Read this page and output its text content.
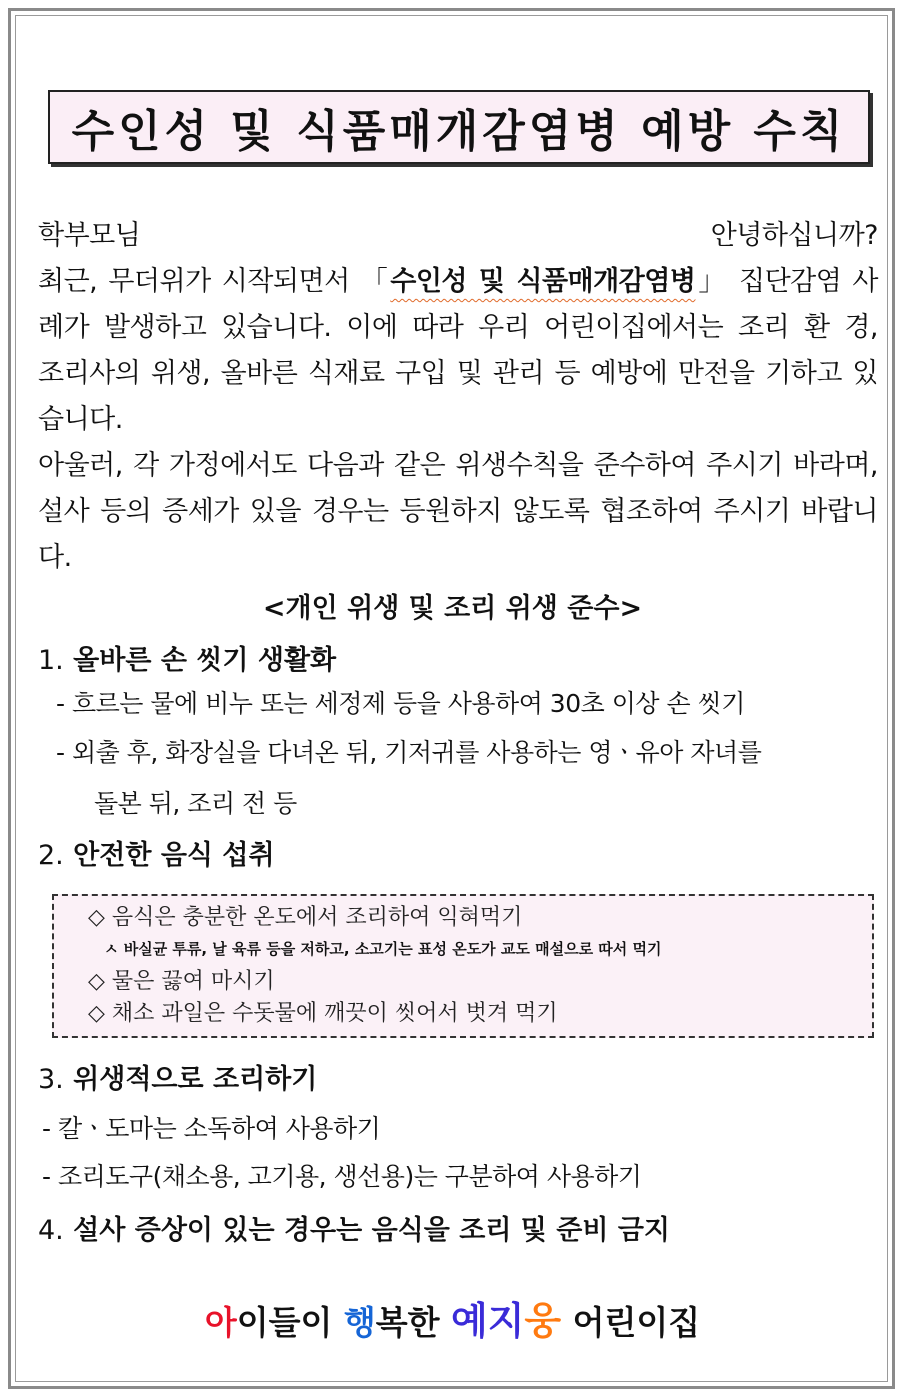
수인성 및 식품매개감염병 예방 수칙
학부모님 안녕하십니까?
최근, 무더위가 시작되면서 「수인성 및 식품매개감염병」 집단감염 사
례가 발생하고 있습니다. 이에 따라 우리 어린이집에서는 조리 환 경,
조리사의 위생, 올바른 식재료 구입 및 관리 등 예방에 만전을 기하고 있
습니다.
아울러, 각 가정에서도 다음과 같은 위생수칙을 준수하여 주시기 바라며,
설사 등의 증세가 있을 경우는 등원하지 않도록 협조하여 주시기 바랍니
다.
<개인 위생 및 조리 위생 준수>
1. 올바른 손 씻기 생활화
- 흐르는 물에 비누 또는 세정제 등을 사용하여 30초 이상 손 씻기
- 외출 후, 화장실을 다녀온 뒤, 기저귀를 사용하는 영ㆍ유아 자녀를
돌본 뒤, 조리 전 등
2. 안전한 음식 섭취
◇ 음식은 충분한 온도에서 조리하여 익혀먹기
ㅅ 바실균 투류, 날 육류 등을 저하고, 소고기는 표성 온도가 교도 매설으로 따서 먹기
◇ 물은 끓여 마시기
◇ 채소 과일은 수돗물에 깨끗이 씻어서 벗겨 먹기
3. 위생적으로 조리하기
- 칼ㆍ도마는 소독하여 사용하기
- 조리도구(채소용, 고기용, 생선용)는 구분하여 사용하기
4. 설사 증상이 있는 경우는 음식을 조리 및 준비 금지
아이들이 행복한 예지웅 어린이집
